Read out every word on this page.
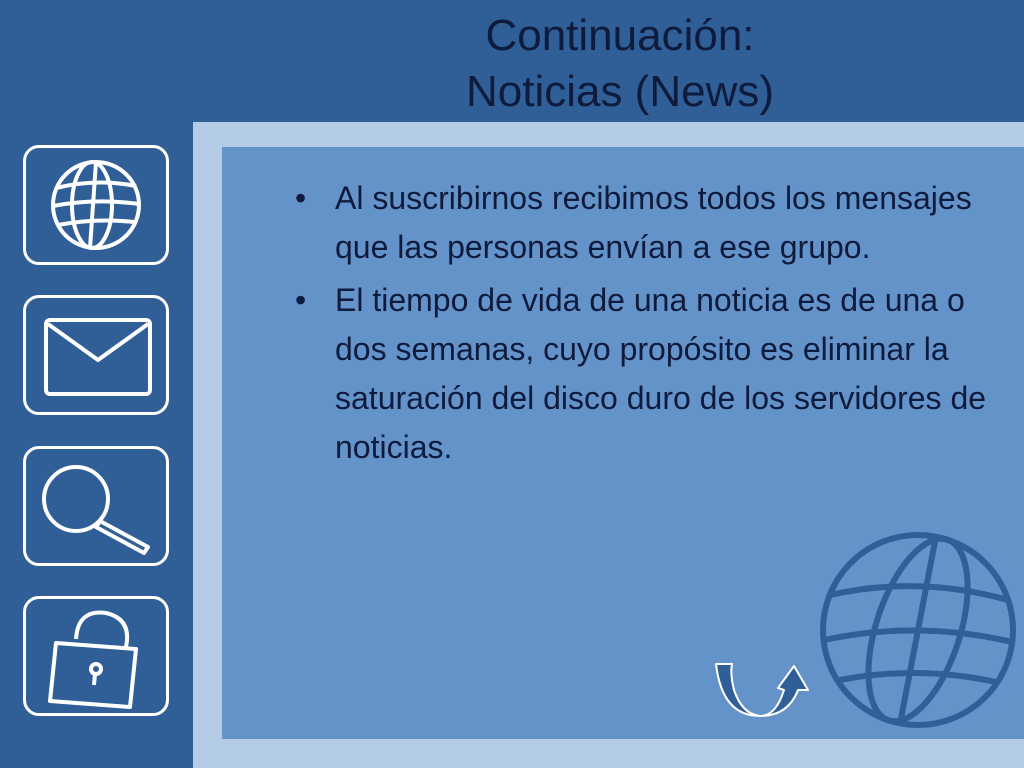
Continuación:
Noticias (News)
• Al suscribirnos recibimos todos los mensajes que las personas envían a ese grupo.
• El tiempo de vida de una noticia es de una o dos semanas, cuyo propósito es eliminar la saturación del disco duro de los servidores de noticias.
